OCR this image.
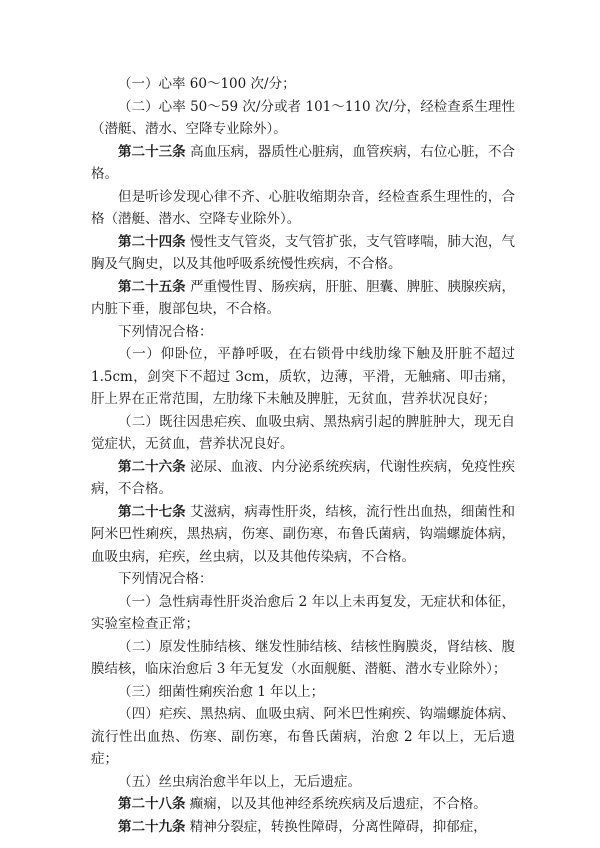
（一）心率 60～100 次/分；

（二）心率 50～59 次/分或者 101～110 次/分，经检查系生理性（潜艇、潜水、空降专业除外）。

第二十三条 高血压病，器质性心脏病，血管疾病，右位心脏，不合格。

但是听诊发现心律不齐、心脏收缩期杂音，经检查系生理性的，合格（潜艇、潜水、空降专业除外）。

第二十四条 慢性支气管炎，支气管扩张，支气管哮喘，肺大泡，气胸及气胸史，以及其他呼吸系统慢性疾病，不合格。

第二十五条 严重慢性胃、肠疾病，肝脏、胆囊、脾脏、胰腺疾病，内脏下垂，腹部包块，不合格。

下列情况合格：

（一）仰卧位，平静呼吸，在右锁骨中线肋缘下触及肝脏不超过 1.5cm，剑突下不超过 3cm，质软，边薄，平滑，无触痛、叩击痛，肝上界在正常范围，左肋缘下未触及脾脏，无贫血，营养状况良好；

（二）既往因患疟疾、血吸虫病、黑热病引起的脾脏肿大，现无自觉症状，无贫血，营养状况良好。

第二十六条 泌尿、血液、内分泌系统疾病，代谢性疾病，免疫性疾病，不合格。

第二十七条 艾滋病，病毒性肝炎，结核，流行性出血热，细菌性和阿米巴性痢疾，黑热病，伤寒、副伤寒，布鲁氏菌病，钩端螺旋体病，血吸虫病，疟疾，丝虫病，以及其他传染病，不合格。

下列情况合格：

（一）急性病毒性肝炎治愈后 2 年以上未再复发，无症状和体征，实验室检查正常；

（二）原发性肺结核、继发性肺结核、结核性胸膜炎，肾结核、腹膜结核，临床治愈后 3 年无复发（水面舰艇、潜艇、潜水专业除外）；

（三）细菌性痢疾治愈 1 年以上；

（四）疟疾、黑热病、血吸虫病、阿米巴性痢疾、钩端螺旋体病、流行性出血热、伤寒、副伤寒，布鲁氏菌病，治愈 2 年以上，无后遗症；

（五）丝虫病治愈半年以上，无后遗症。

第二十八条 癫痫，以及其他神经系统疾病及后遗症，不合格。

第二十九条 精神分裂症，转换性障碍，分离性障碍，抑郁症，
